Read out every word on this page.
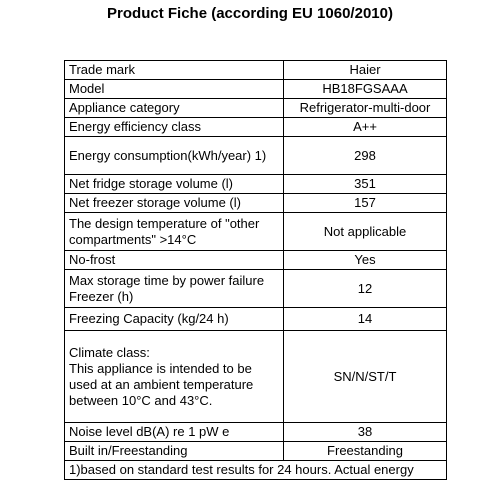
Product Fiche (according EU 1060/2010)
Trade mark	Haier
Model	HB18FGSAAA
Appliance category	Refrigerator-multi-door
Energy efficiency class	A++
Energy consumption(kWh/year) 1)	298
Net fridge storage volume (l)	351
Net freezer storage volume (l)	157
The design temperature of "other compartments" >14°C	Not applicable
No-frost	Yes
Max storage time by power failure Freezer (h)	12
Freezing Capacity (kg/24 h)	14
Climate class:
This appliance is intended to be used at an ambient temperature between 10°C and 43°C.	SN/N/ST/T
Noise level dB(A) re 1 pW e	38
Built in/Freestanding	Freestanding
1)based on standard test results for 24 hours. Actual energy	
